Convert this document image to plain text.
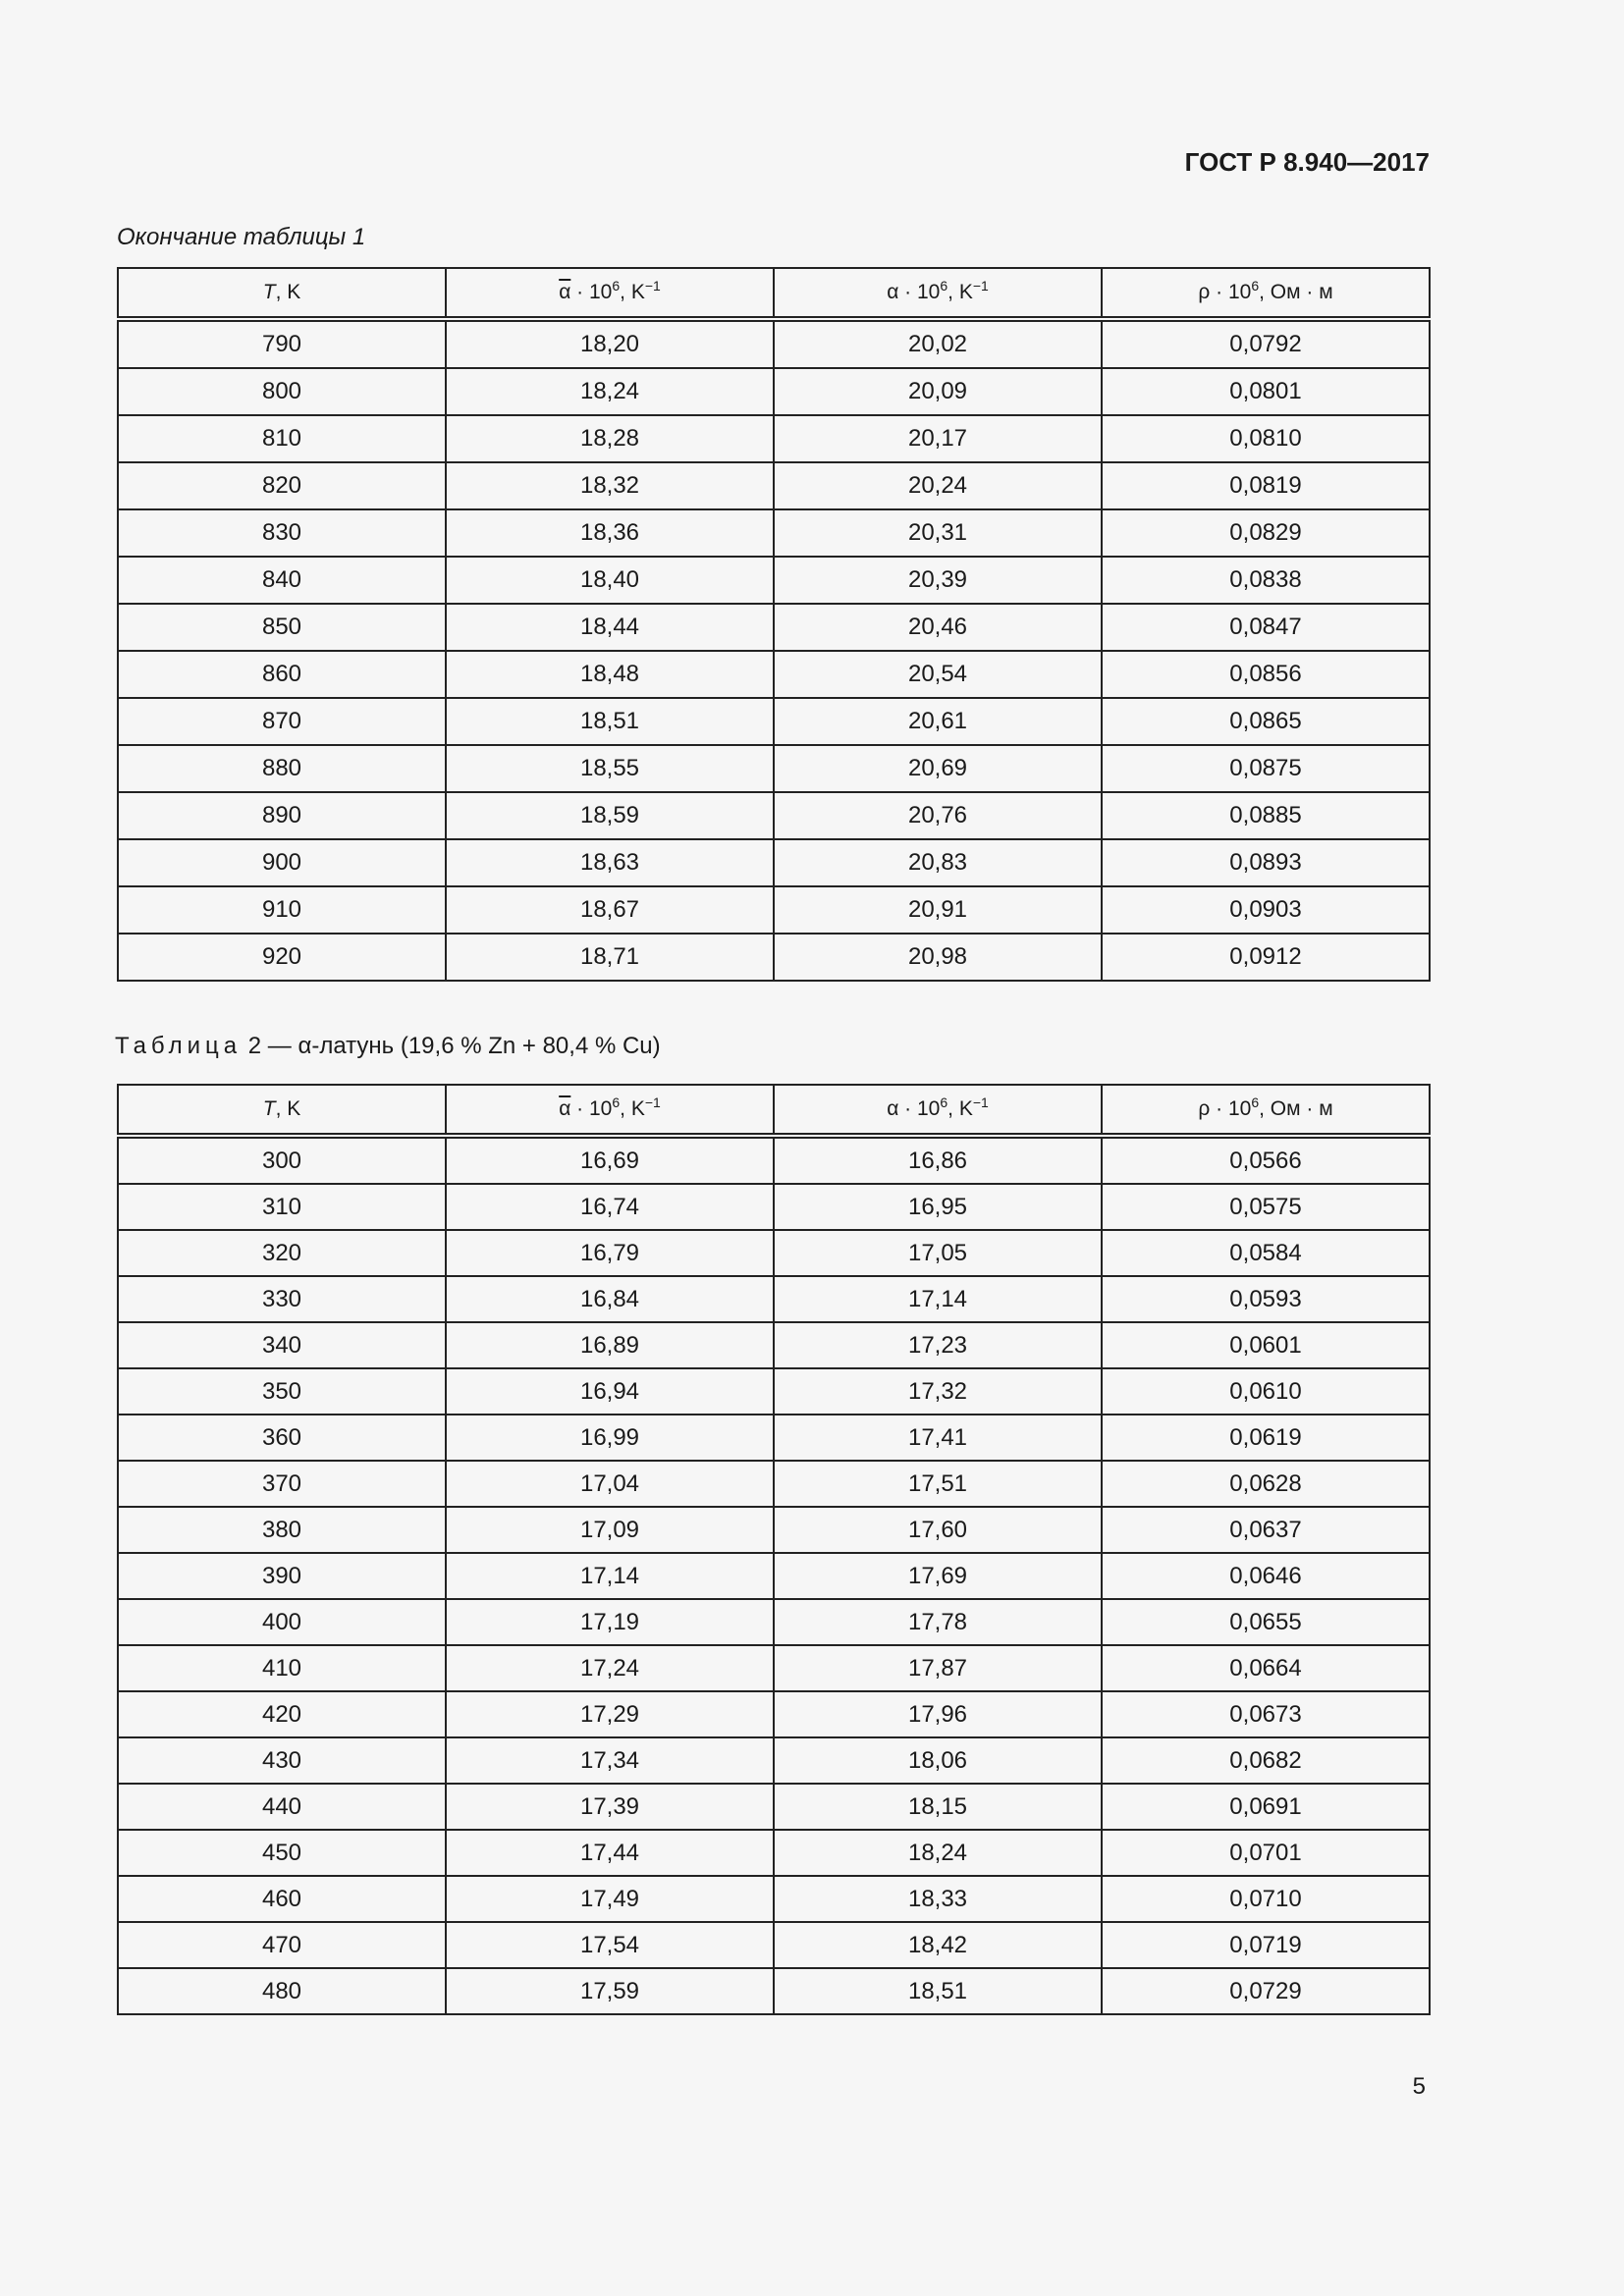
ГОСТ Р 8.940—2017
Окончание таблицы 1
T, K	$\overline{\alpha} \cdot 10^6$, $K^{-1}$	$\alpha \cdot 10^6$, $K^{-1}$	$\rho \cdot 10^6$, Ом · м
790	18,20	20,02	0,0792
800	18,24	20,09	0,0801
810	18,28	20,17	0,0810
820	18,32	20,24	0,0819
830	18,36	20,31	0,0829
840	18,40	20,39	0,0838
850	18,44	20,46	0,0847
860	18,48	20,54	0,0856
870	18,51	20,61	0,0865
880	18,55	20,69	0,0875
890	18,59	20,76	0,0885
900	18,63	20,83	0,0893
910	18,67	20,91	0,0903
920	18,71	20,98	0,0912
Таблица 2 — α-латунь (19,6 % Zn + 80,4 % Cu)
T, K	$\overline{\alpha} \cdot 10^6$, $K^{-1}$	$\alpha \cdot 10^6$, $K^{-1}$	$\rho \cdot 10^6$, Ом · м
300	16,69	16,86	0,0566
310	16,74	16,95	0,0575
320	16,79	17,05	0,0584
330	16,84	17,14	0,0593
340	16,89	17,23	0,0601
350	16,94	17,32	0,0610
360	16,99	17,41	0,0619
370	17,04	17,51	0,0628
380	17,09	17,60	0,0637
390	17,14	17,69	0,0646
400	17,19	17,78	0,0655
410	17,24	17,87	0,0664
420	17,29	17,96	0,0673
430	17,34	18,06	0,0682
440	17,39	18,15	0,0691
450	17,44	18,24	0,0701
460	17,49	18,33	0,0710
470	17,54	18,42	0,0719
480	17,59	18,51	0,0729
5
